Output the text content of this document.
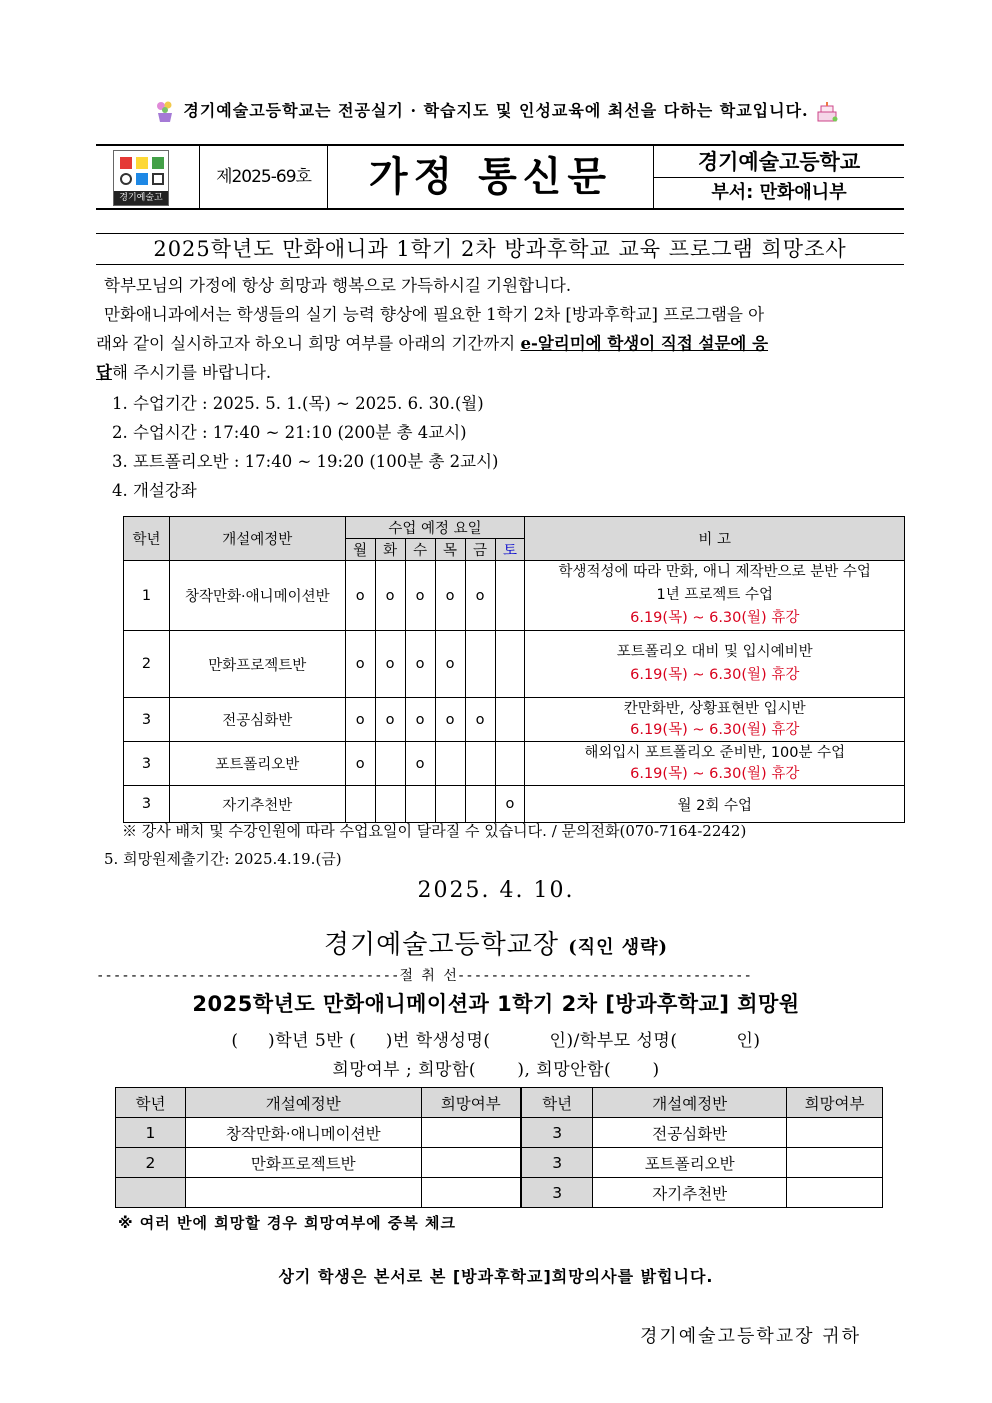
경기예술고등학교는 전공실기 · 학습지도 및 인성교육에 최선을 다하는 학교입니다.
경기예술고
제2025-69호	가정 통신문	경기예술고등학교
부서: 만화애니부
2025학년도 만화애니과 1학기 2차 방과후학교 교육 프로그램 희망조사
학부모님의 가정에 항상 희망과 행복으로 가득하시길 기원합니다.
만화애니과에서는 학생들의 실기 능력 향상에 필요한 1학기 2차 [방과후학교] 프로그램을 아
래와 같이 실시하고자 하오니 희망 여부를 아래의 기간까지 e-알리미에 학생이 직접 설문에 응
답해 주시기를 바랍니다.
1. 수업기간 : 2025. 5. 1.(목) ~ 2025. 6. 30.(월)
2. 수업시간 : 17:40 ~ 21:10 (200분 총 4교시)
3. 포트폴리오반 : 17:40 ~ 19:20 (100분 총 2교시)
4. 개설강좌
학년	개설예정반	수업 예정 요일						비 고
		월	화	수	목	금	토	
1	창작만화·애니메이션반	o	o	o	o	o		학생적성에 따라 만화, 애니 제작반으로 분반 수업
1년 프로젝트 수업
6.19(목) ~ 6.30(월) 휴강

2	만화프로젝트반	o	o	o	o			포트폴리오 대비 및 입시예비반
6.19(목) ~ 6.30(월) 휴강

3	전공심화반	o	o	o	o	o		칸만화반, 상황표현반 입시반
6.19(목) ~ 6.30(월) 휴강

3	포트폴리오반	o		o				해외입시 포트폴리오 준비반, 100분 수업
6.19(목) ~ 6.30(월) 휴강

3	자기추천반						o	월 2회 수업
※ 강사 배치 및 수강인원에 따라 수업요일이 달라질 수 있습니다. / 문의전화(070-7164-2242)
5. 희망원제출기간: 2025.4.19.(금)
2025. 4. 10.
경기예술고등학교장 (직인 생략)
------------------------------------절 취 선-----------------------------------
2025학년도 만화애니메이션과 1학기 2차 [방과후학교] 희망원
(     )학년 5반 (     )번 학생성명(          인)/학부모 성명(          인)
희망여부 ; 희망함(       ), 희망안함(       )
학년	개설예정반	희망여부	학년	개설예정반	희망여부
1	창작만화·애니메이션반		3	전공심화반	
2	만화프로젝트반		3	포트폴리오반	
			3	자기추천반	
※ 여러 반에 희망할 경우 희망여부에 중복 체크
상기 학생은 본서로 본 [방과후학교]희망의사를 밝힙니다.
경기예술고등학교장 귀하
